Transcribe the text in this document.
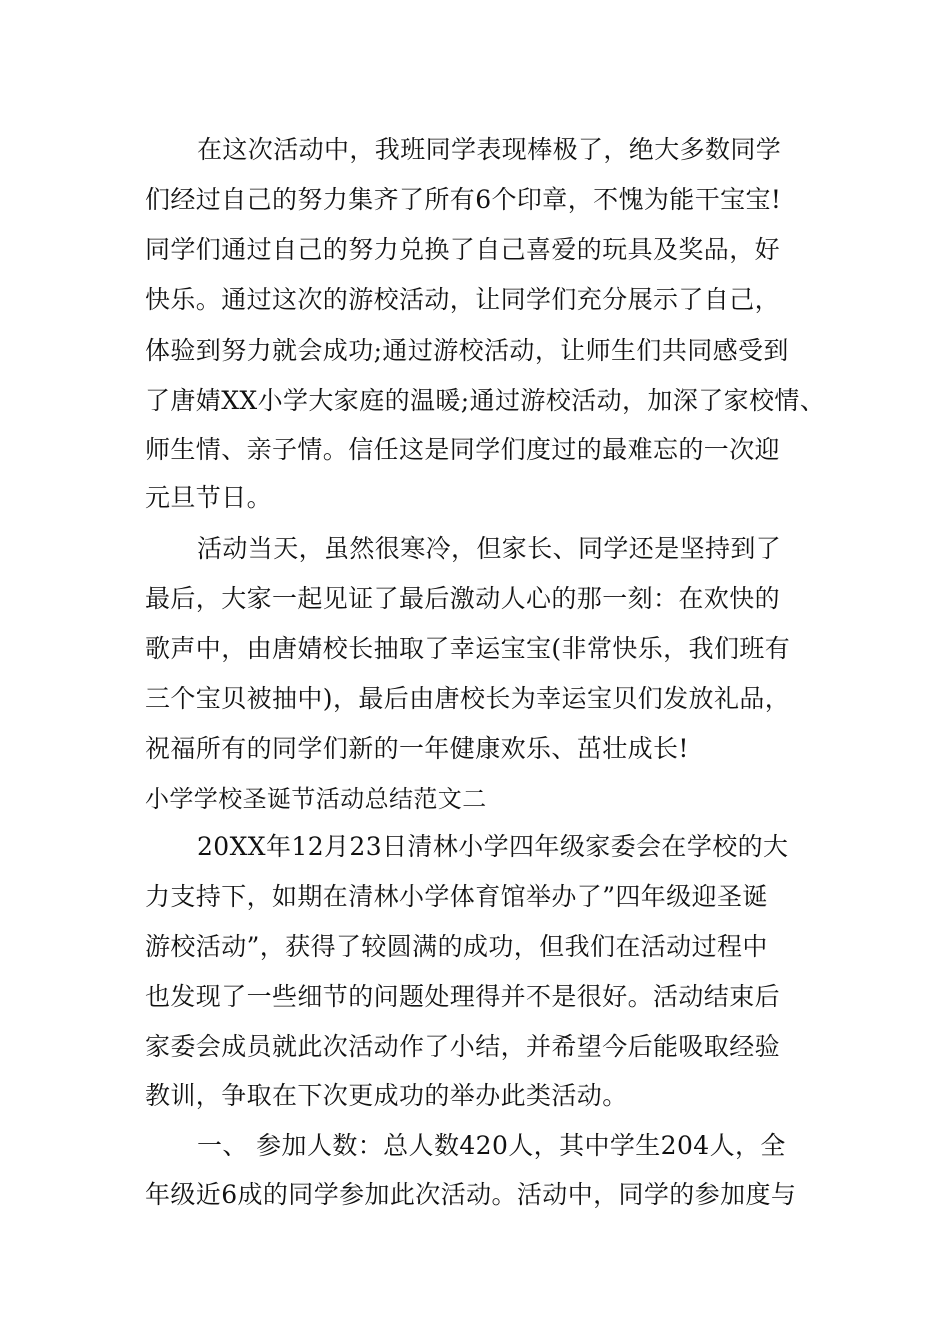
在这次活动中，我班同学表现棒极了，绝大多数同学
们经过自己的努力集齐了所有6个印章，不愧为能干宝宝!
同学们通过自己的努力兑换了自己喜爱的玩具及奖品，好
快乐。通过这次的游校活动，让同学们充分展示了自己，
体验到努力就会成功;通过游校活动，让师生们共同感受到
了唐婧XX小学大家庭的温暖;通过游校活动，加深了家校情、
师生情、亲子情。信任这是同学们度过的最难忘的一次迎
元旦节日。
活动当天，虽然很寒冷，但家长、同学还是坚持到了
最后，大家一起见证了最后激动人心的那一刻：在欢快的
歌声中，由唐婧校长抽取了幸运宝宝(非常快乐，我们班有
三个宝贝被抽中)，最后由唐校长为幸运宝贝们发放礼品，
祝福所有的同学们新的一年健康欢乐、茁壮成长!
小学学校圣诞节活动总结范文二
20XX年12月23日清林小学四年级家委会在学校的大
力支持下，如期在清林小学体育馆举办了”四年级迎圣诞
游校活动”，获得了较圆满的成功，但我们在活动过程中
也发现了一些细节的问题处理得并不是很好。活动结束后
家委会成员就此次活动作了小结，并希望今后能吸取经验
教训，争取在下次更成功的举办此类活动。
一、 参加人数：总人数420人，其中学生204人，全
年级近6成的同学参加此次活动。活动中，同学的参加度与
